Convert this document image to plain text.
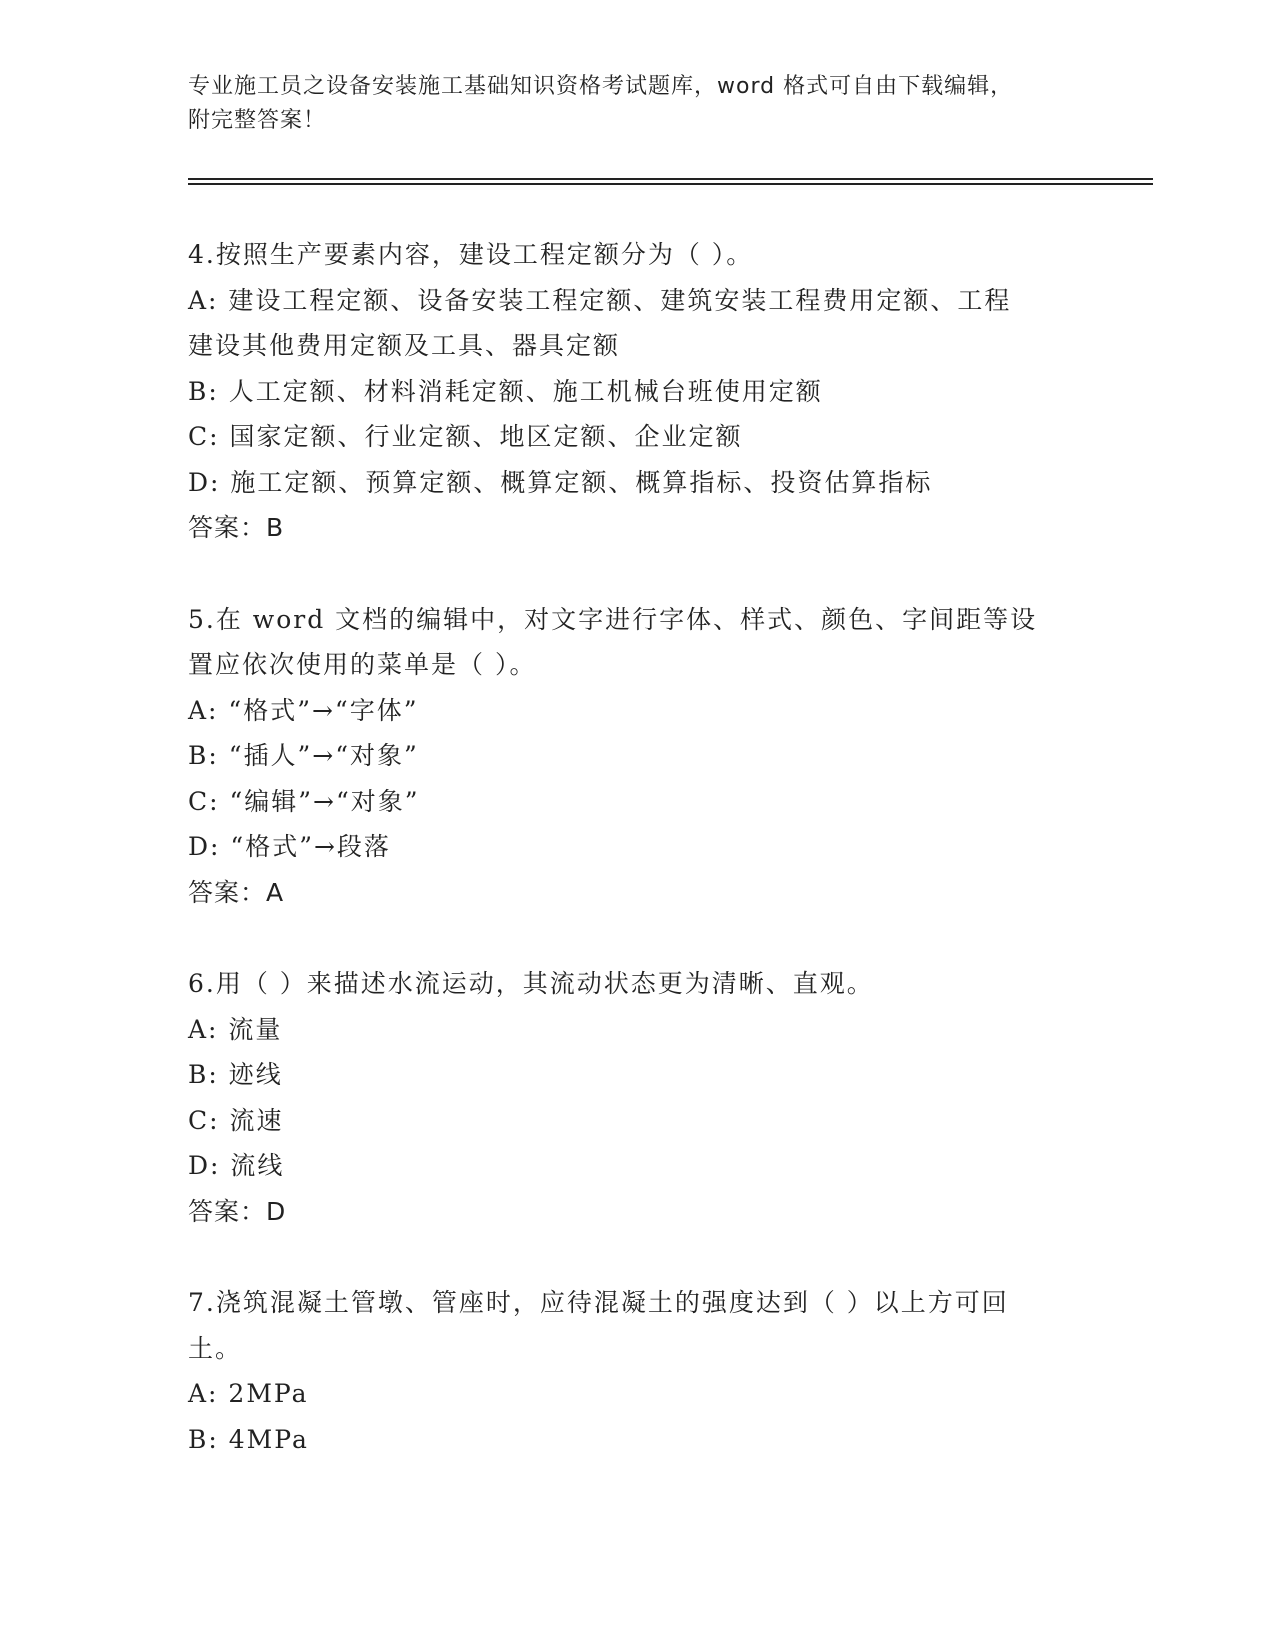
专业施工员之设备安装施工基础知识资格考试题库，word 格式可自由下载编辑，
附完整答案！
4.按照生产要素内容，建设工程定额分为（ ）。
A: 建设工程定额、设备安装工程定额、建筑安装工程费用定额、工程
建设其他费用定额及工具、器具定额
B: 人工定额、材料消耗定额、施工机械台班使用定额
C: 国家定额、行业定额、地区定额、企业定额
D: 施工定额、预算定额、概算定额、概算指标、投资估算指标
答案：B
5.在 word 文档的编辑中，对文字进行字体、样式、颜色、字间距等设
置应依次使用的菜单是（ ）。
A: “格式”→“字体”
B: “插人”→“对象”
C: “编辑”→“对象”
D: “格式”→段落
答案：A
6.用（ ）来描述水流运动，其流动状态更为清晰、直观。
A: 流量
B: 迹线
C: 流速
D: 流线
答案：D
7.浇筑混凝土管墩、管座时，应待混凝土的强度达到（ ）以上方可回
土。
A: 2MPa
B: 4MPa
